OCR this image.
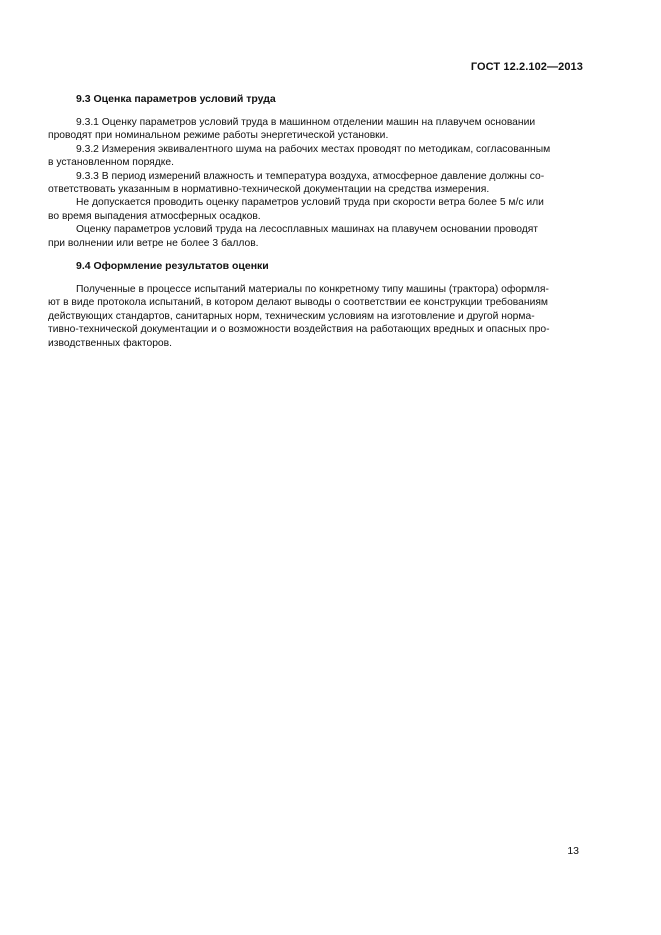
ГОСТ 12.2.102—2013
9.3 Оценка параметров условий труда
9.3.1 Оценку параметров условий труда в машинном отделении машин на плавучем основании
проводят при номинальном режиме работы энергетической установки.
9.3.2 Измерения эквивалентного шума на рабочих местах проводят по методикам, согласованным
в установленном порядке.
9.3.3 В период измерений влажность и температура воздуха, атмосферное давление должны со-
ответствовать указанным в нормативно-технической документации на средства измерения.
Не допускается проводить оценку параметров условий труда при скорости ветра более 5 м/с или
во время выпадения атмосферных осадков.
Оценку параметров условий труда на лесосплавных машинах на плавучем основании проводят
при волнении или ветре не более 3 баллов.
9.4 Оформление результатов оценки
Полученные в процессе испытаний материалы по конкретному типу машины (трактора) оформля-
ют в виде протокола испытаний, в котором делают выводы о соответствии ее конструкции требованиям
действующих стандартов, санитарных норм, техническим условиям на изготовление и другой норма-
тивно-технической документации и о возможности воздействия на работающих вредных и опасных про-
изводственных факторов.
13
